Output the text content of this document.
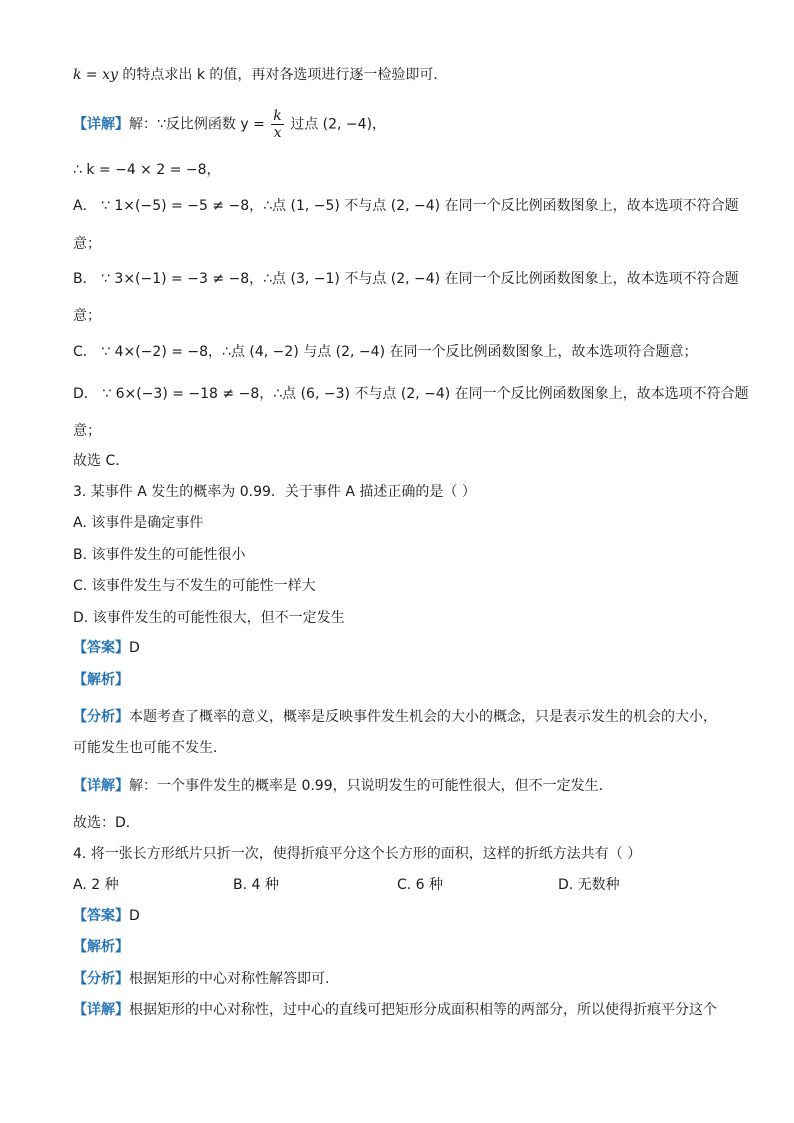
k = xy 的特点求出 k 的值，再对各选项进行逐一检验即可．
【详解】解：∵反比例函数 $y = \frac{k}{x}$ 过点 (2, −4)，
∴ k = −4 × 2 = −8，
A． ∵ 1×(−5) = −5 ≠ −8，∴点 (1, −5) 不与点 (2, −4) 在同一个反比例函数图象上，故本选项不符合题
意；
B． ∵ 3×(−1) = −3 ≠ −8，∴点 (3, −1) 不与点 (2, −4) 在同一个反比例函数图象上，故本选项不符合题
意；
C． ∵ 4×(−2) = −8，∴点 (4, −2) 与点 (2, −4) 在同一个反比例函数图象上，故本选项符合题意；
D． ∵ 6×(−3) = −18 ≠ −8，∴点 (6, −3) 不与点 (2, −4) 在同一个反比例函数图象上，故本选项不符合题
意；
故选 C．
3. 某事件 A 发生的概率为 0.99．关于事件 A 描述正确的是（ ）
A. 该事件是确定事件
B. 该事件发生的可能性很小
C. 该事件发生与不发生的可能性一样大
D. 该事件发生的可能性很大，但不一定发生
【答案】D
【解析】
【分析】本题考查了概率的意义，概率是反映事件发生机会的大小的概念，只是表示发生的机会的大小，
可能发生也可能不发生．
【详解】解：一个事件发生的概率是 0.99，只说明发生的可能性很大，但不一定发生．
故选：D．
4. 将一张长方形纸片只折一次，使得折痕平分这个长方形的面积，这样的折纸方法共有（ ）
A. 2 种	B. 4 种	C. 6 种	D. 无数种
【答案】D
【解析】
【分析】根据矩形的中心对称性解答即可.
【详解】根据矩形的中心对称性，过中心的直线可把矩形分成面积相等的两部分，所以使得折痕平分这个
